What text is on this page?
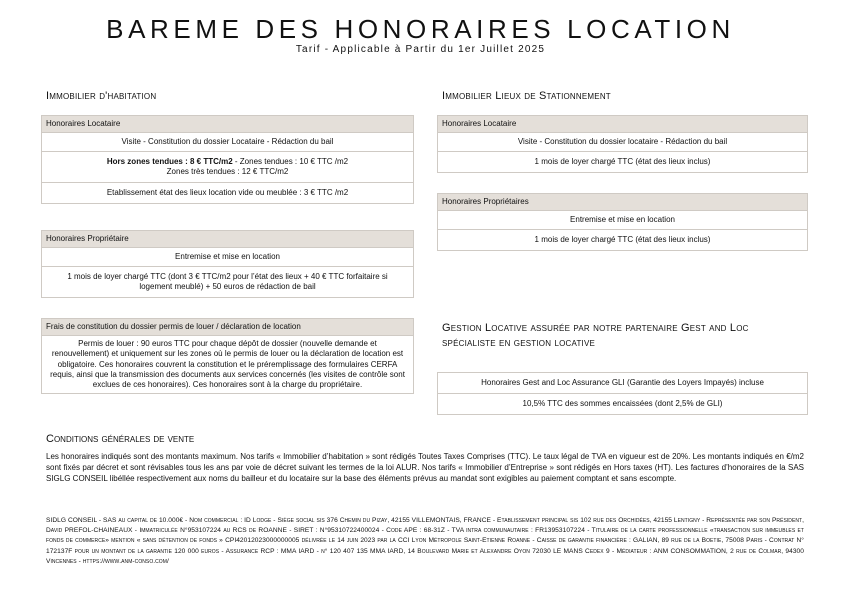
BAREME DES HONORAIRES LOCATION
Tarif - Applicable à Partir du 1er Juillet 2025
Immobilier d'habitation
Honoraires Locataire
Visite - Constitution du dossier Locataire - Rédaction du bail
Hors zones tendues : 8 € TTC/m2 - Zones tendues : 10 € TTC /m2
Zones très tendues : 12 € TTC/m2
Etablissement état des lieux location vide ou meublée : 3 € TTC /m2
Honoraires Propriétaire
Entremise et mise en location
1 mois de loyer chargé TTC (dont 3 € TTC/m2 pour l’état des lieux + 40 € TTC forfaitaire si logement meublé) + 50 euros de rédaction de bail
Frais de constitution du dossier permis de louer / déclaration de location
Permis de louer : 90 euros TTC pour chaque dépôt de dossier (nouvelle demande et renouvellement) et uniquement sur les zones où le permis de louer ou la déclaration de location est obligatoire. Ces honoraires couvrent la constitution et le préremplissage des formulaires CERFA requis, ainsi que la transmission des documents aux services concernés (les visites de contrôle sont exclues de ces honoraires). Ces honoraires sont à la charge du propriétaire.
Immobilier Lieux de Stationnement
Honoraires Locataire
Visite - Constitution du dossier locataire - Rédaction du bail
1 mois de loyer chargé TTC (état des lieux inclus)
Honoraires Propriétaires
Entremise et mise en location
1 mois de loyer chargé TTC (état des lieux inclus)
Gestion Locative assurée par notre partenaire Gest and Loc spécialiste en gestion locative
Honoraires Gest and Loc Assurance GLI (Garantie des Loyers Impayés) incluse
10,5% TTC des sommes encaissées (dont 2,5% de GLI)
Conditions générales de vente
Les honoraires indiqués sont des montants maximum. Nos tarifs « Immobilier d’habitation » sont rédigés Toutes Taxes Comprises (TTC). Le taux légal de TVA en vigueur est de 20%. Les montants indiqués en €/m2 sont fixés par décret et sont révisables tous les ans par voie de décret suivant les termes de la loi ALUR. Nos tarifs « Immobilier d’Entreprise » sont rédigés en Hors taxes (HT). Les factures d’honoraires de la SAS SIGLG CONSEIL libéllée respectivement aux noms du bailleur et du locataire sur la base des éléments prévus au mandat sont exigibles au paiement comptant et sans escompte.
SIDLG CONSEIL - SAS au capital de 10.000€ - Nom commercial : ID Lodge - Siège social sis 376 Chemin du Pizay, 42155 VILLEMONTAIS, FRANCE - Etablissement principal sis 102 rue des Orchidées, 42155 Lentigny - Représentée par son Président, David PREFOL-CHAINEAUX - Immatriculée N°953107224 au RCS de ROANNE - SIRET : N°95310722400024 - Code APE : 68-31Z - TVA intra communautaire : FR13953107224 - Titulaire de la carte professionnelle «transaction sur immeubles et fonds de commerce» mention « sans détention de fonds » CPI42012023000000005 délivrée le 14 juin 2023 par la CCI Lyon Métropole Saint-Etienne Roanne - Caisse de garantie financière : GALIAN, 89 rue de la Boetie, 75008 Paris - Contrat N° 172137F pour un montant de la garantie 120 000 euros - Assurance RCP : MMA IARD - n° 120 407 135 MMA IARD, 14 Boulevard Marie et Alexandre Oyon 72030 LE MANS Cedex 9 - Médiateur : ANM CONSOMMATION, 2 rue de Colmar, 94300 Vincennes - https://www.anm-conso.com/
